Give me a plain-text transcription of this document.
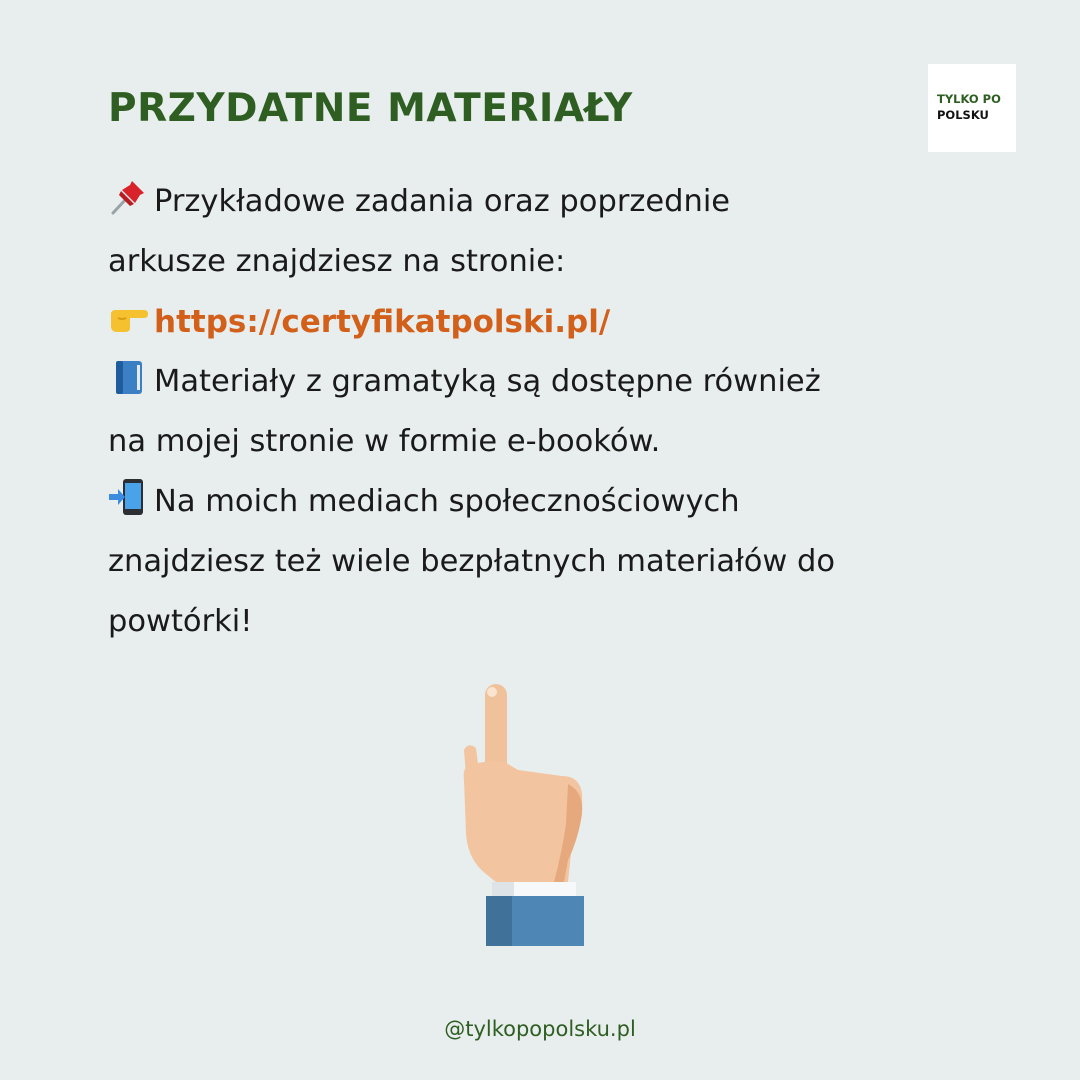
PRZYDATNE MATERIAŁY	TYLKO PO
POLSKU
Przykładowe zadania oraz poprzednie
arkusze znajdziesz na stronie:
https://certyfikatpolski.pl/
Materiały z gramatyką są dostępne również
na mojej stronie w formie e-booków.
Na moich mediach społecznościowych
znajdziesz też wiele bezpłatnych materiałów do
powtórki!
@tylkopopolsku.pl
